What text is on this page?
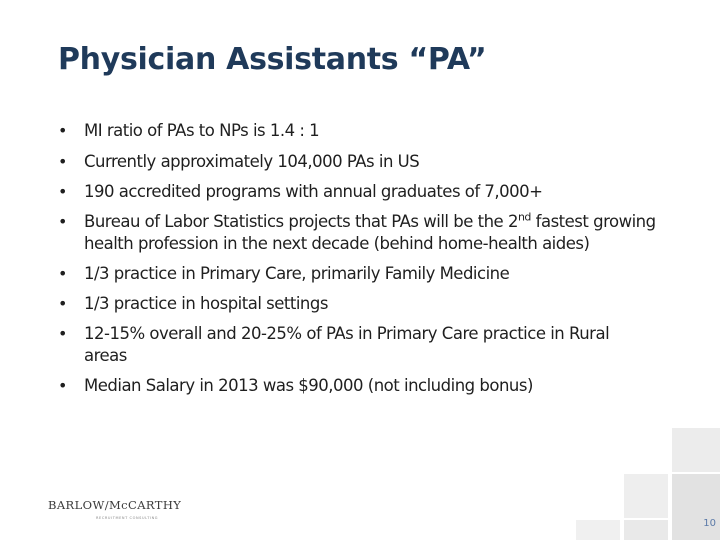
Physician Assistants “PA”
• MI ratio of PAs to NPs is 1.4 : 1
• Currently approximately 104,000 PAs in US
• 190 accredited programs with annual graduates of 7,000+
• Bureau of Labor Statistics projects that PAs will be the 2nd fastest growing health profession in the next decade (behind home-health aides)
• 1/3 practice in Primary Care, primarily Family Medicine
• 1/3 practice in hospital settings
• 12-15% overall and 20-25% of PAs in Primary Care practice in Rural areas
• Median Salary in 2013 was $90,000 (not including bonus)
BARLOW/McCARTHY
RECRUITMENT CONSULTING	10
